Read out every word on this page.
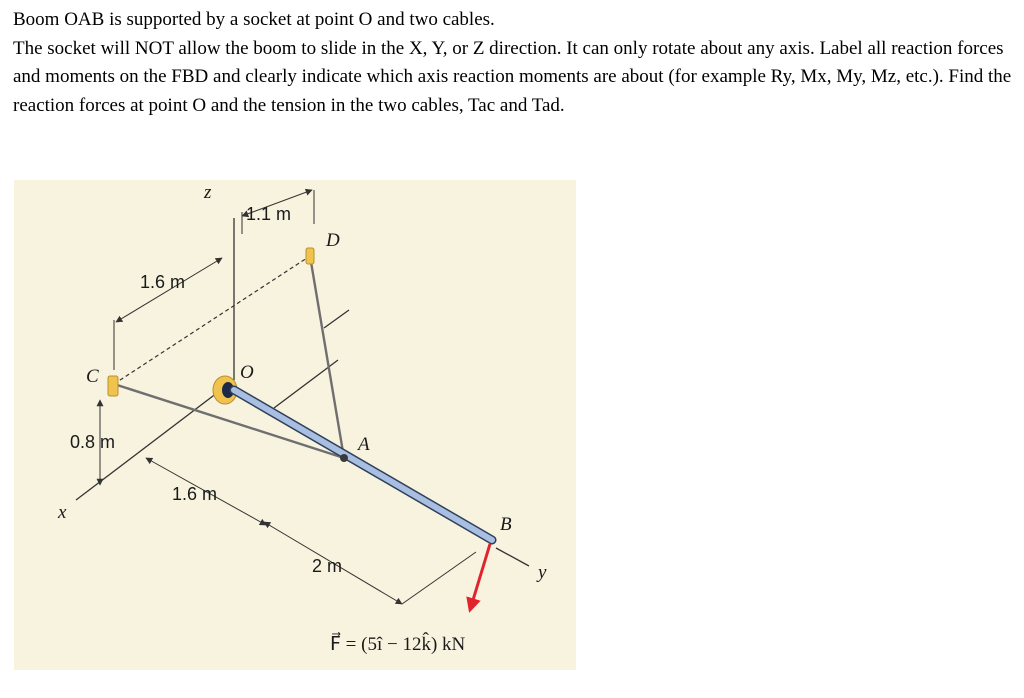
Boom OAB is supported by a socket at point O and two cables.

The socket will NOT allow the boom to slide in the X, Y, or Z direction. It can only rotate about any axis. Label all reaction forces and moments on the FBD and clearly indicate which axis reaction moments are about (for example Ry, Mx, My, Mz, etc.). Find the reaction forces at point O and the tension in the two cables, Tac and Tad.

z
x
y
O
A
B
C
D
1.1 m
1.6 m
0.8 m
1.6 m
2 m
F⃗ = (5î − 12k̂) kN
